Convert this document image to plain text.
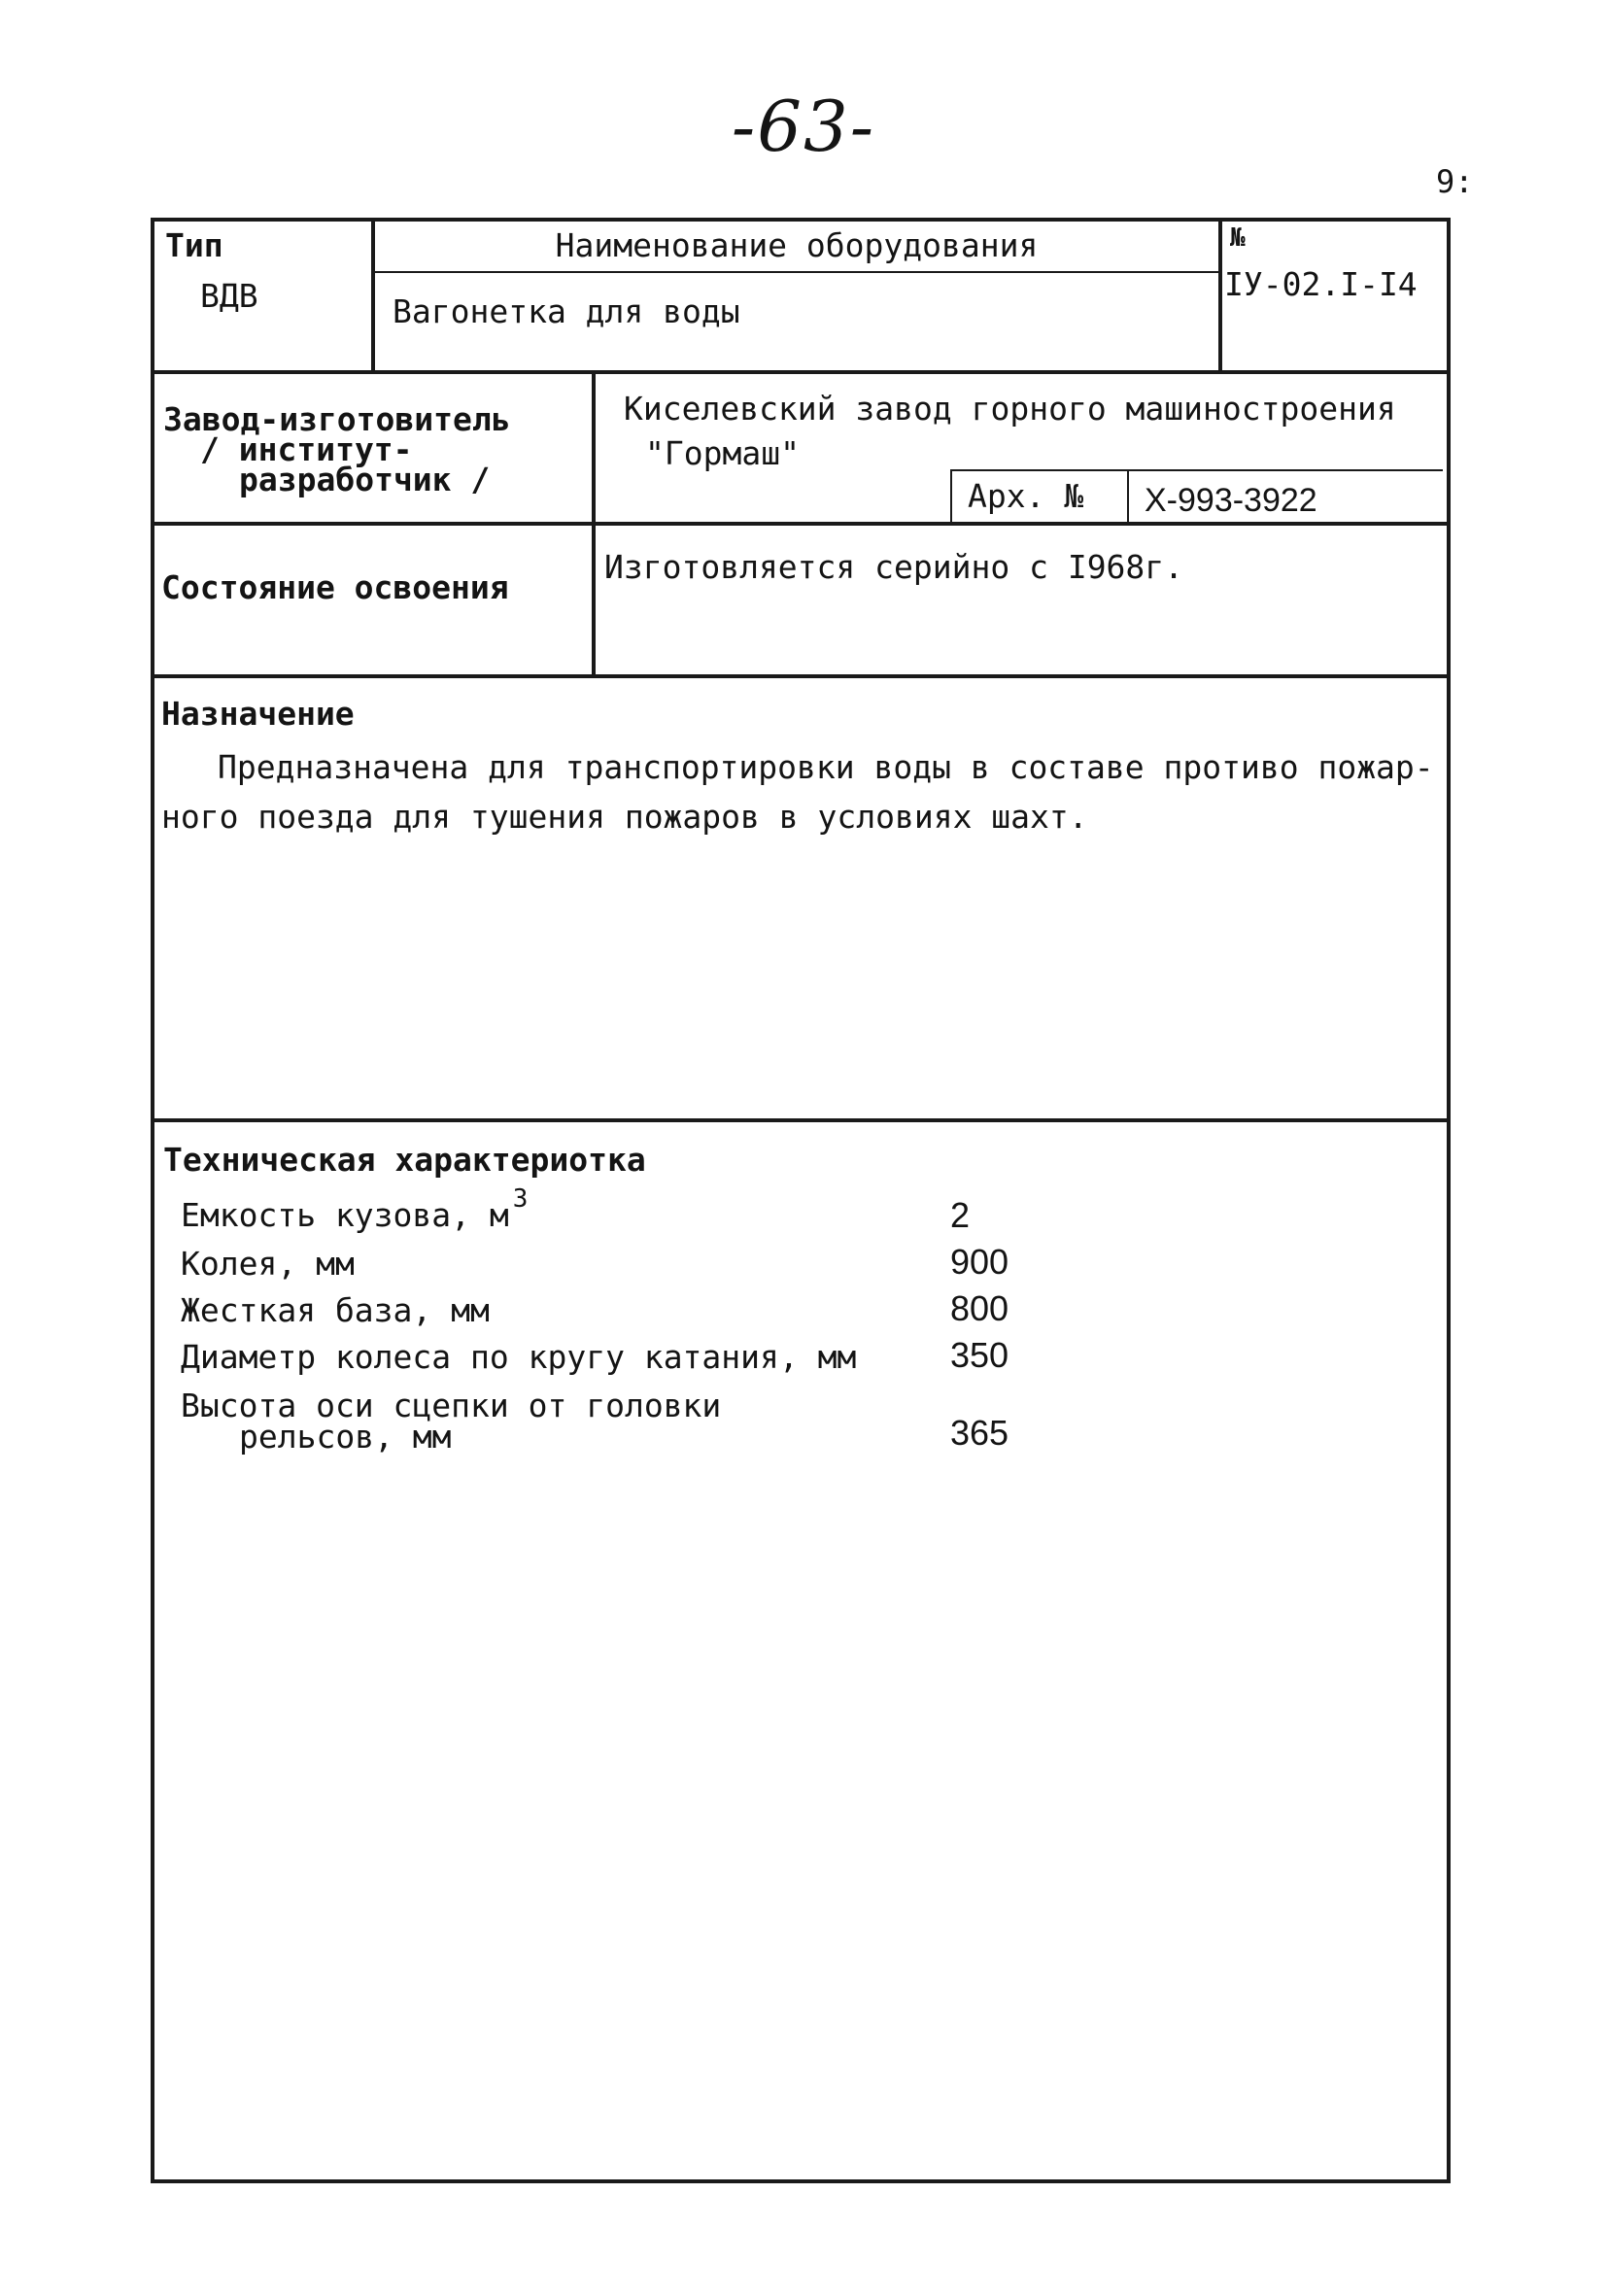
-63-
9:
Тип
ВДВ
Наименование оборудования
Вагонетка для воды
№
IУ-02.I-I4
Завод-изготовитель
/ институт-
разработчик /
Киселевский завод горного машиностроения
"Гормаш"
Арх. № Х-993-3922
Состояние освоения
Изготовляется серийно с I968г.
Назначение
Предназначена для транспортировки воды в составе противо пожар-
ного поезда для тушения пожаров в условиях шахт.
Техническая характериотка
Емкость кузова, м $^3$	2
Колея, мм	900
Жесткая база, мм	800
Диаметр колеса по кругу катания, мм	350
Высота оси сцепки от головки
рельсов, мм	365
